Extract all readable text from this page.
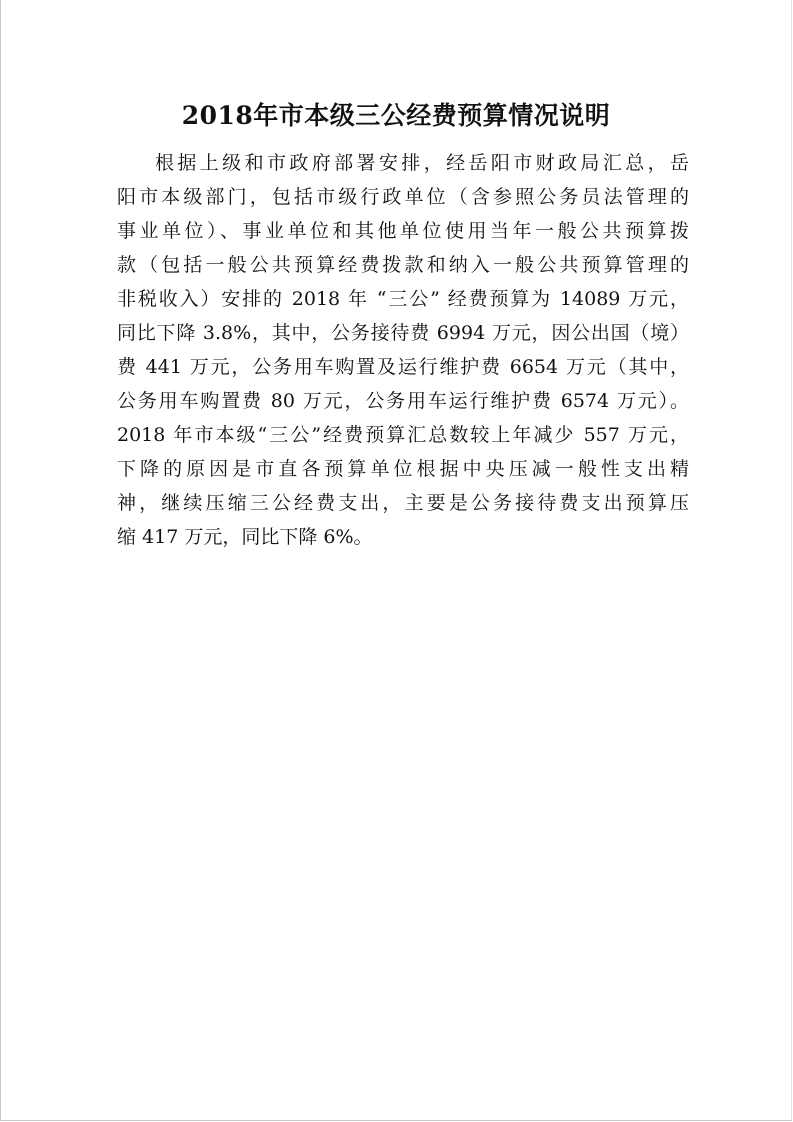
2018年市本级三公经费预算情况说明
根据上级和市政府部署安排，经岳阳市财政局汇总，岳
阳市本级部门，包括市级行政单位（含参照公务员法管理的
事业单位）、事业单位和其他单位使用当年一般公共预算拨
款（包括一般公共预算经费拨款和纳入一般公共预算管理的
非税收入）安排的 2018 年 “三公” 经费预算为 14089 万元，
同比下降 3.8%，其中，公务接待费 6994 万元，因公出国（境）
费 441 万元，公务用车购置及运行维护费 6654 万元（其中，
公务用车购置费 80 万元，公务用车运行维护费 6574 万元）。
2018 年市本级“三公”经费预算汇总数较上年减少 557 万元，
下降的原因是市直各预算单位根据中央压减一般性支出精
神，继续压缩三公经费支出，主要是公务接待费支出预算压
缩 417 万元，同比下降 6%。
